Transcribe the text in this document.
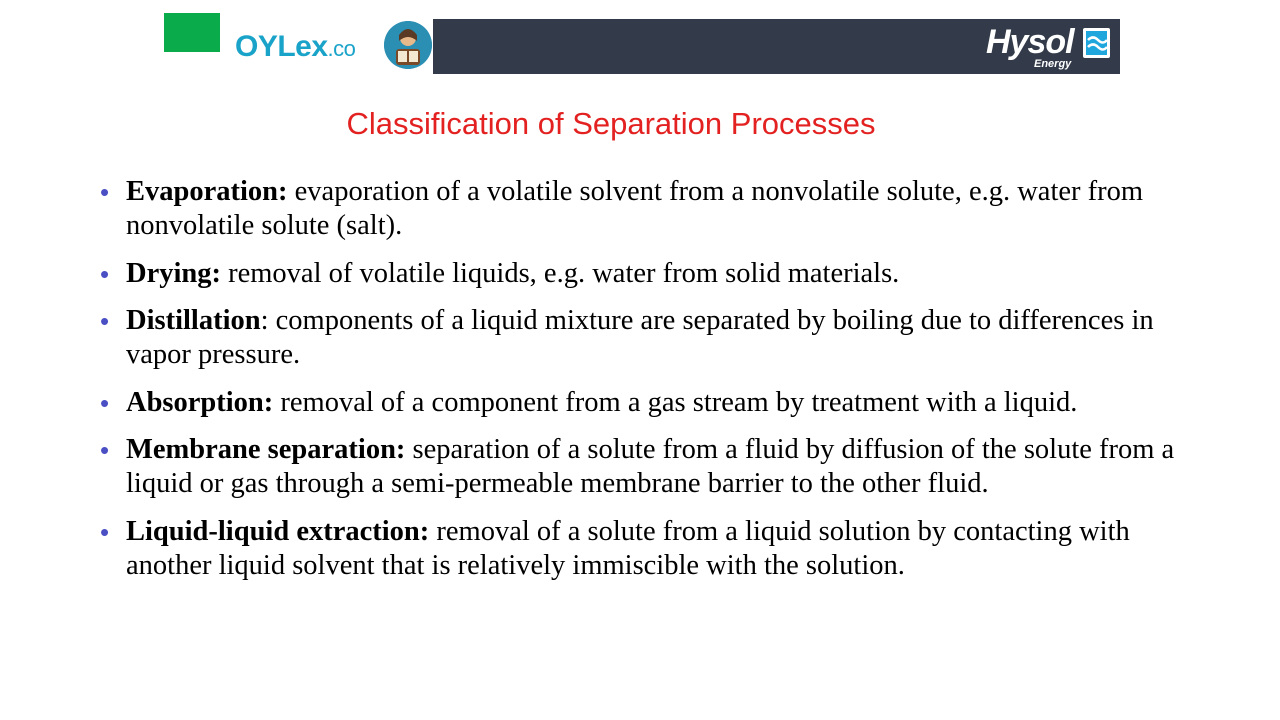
OYLex.co	Hysol
Energy
Classification of Separation Processes
• Evaporation: evaporation of a volatile solvent from a nonvolatile solute, e.g. water from nonvolatile solute (salt).
• Drying: removal of volatile liquids, e.g. water from solid materials.
• Distillation: components of a liquid mixture are separated by boiling due to differences in vapor pressure.
• Absorption: removal of a component from a gas stream by treatment with a liquid.
• Membrane separation: separation of a solute from a fluid by diffusion of the solute from a liquid or gas through a semi-permeable membrane barrier to the other fluid.
• Liquid-liquid extraction: removal of a solute from a liquid solution by contacting with another liquid solvent that is relatively immiscible with the solution.
